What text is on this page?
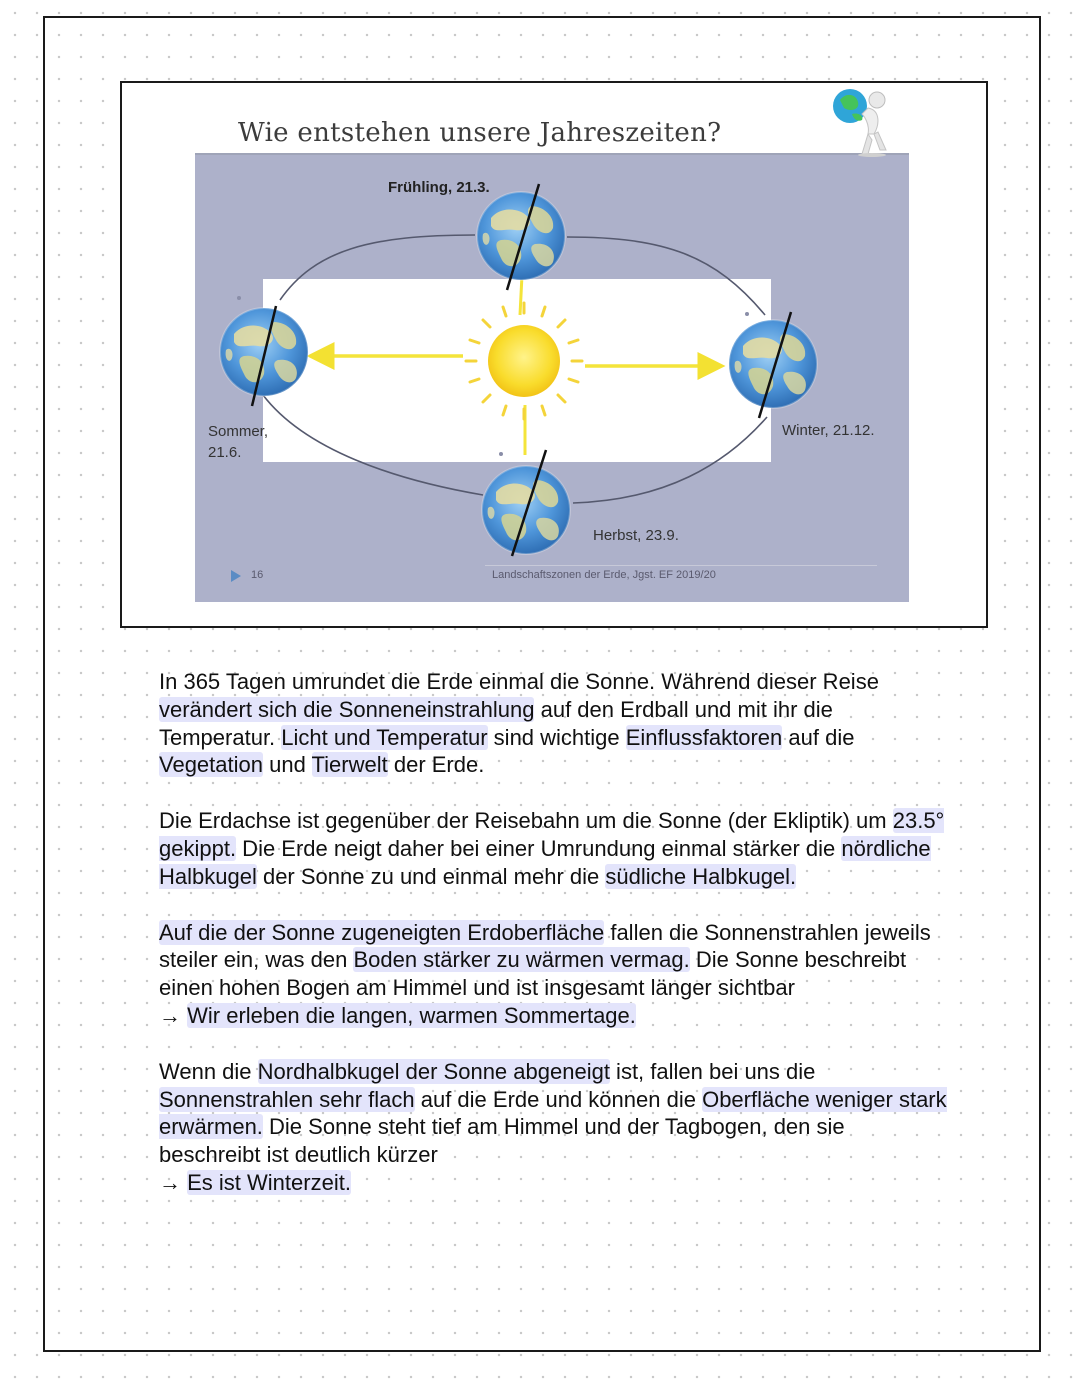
Wie entstehen unsere Jahreszeiten?
Frühling, 21.3.
Sommer,
21.6.
Winter, 21.12.
Herbst, 23.9.
16	Landschaftszonen der Erde, Jgst. EF 2019/20

In 365 Tagen umrundet die Erde einmal die Sonne. Während dieser Reise verändert sich die Sonneneinstrahlung auf den Erdball und mit ihr die Temperatur. Licht und Temperatur sind wichtige Einflussfaktoren auf die Vegetation und Tierwelt der Erde.

Die Erdachse ist gegenüber der Reisebahn um die Sonne (der Ekliptik) um 23.5° gekippt. Die Erde neigt daher bei einer Umrundung einmal stärker die nördliche Halbkugel der Sonne zu und einmal mehr die südliche Halbkugel.

Auf die der Sonne zugeneigten Erdoberfläche fallen die Sonnenstrahlen jeweils steiler ein, was den Boden stärker zu wärmen vermag. Die Sonne beschreibt einen hohen Bogen am Himmel und ist insgesamt länger sichtbar
→ Wir erleben die langen, warmen Sommertage.

Wenn die Nordhalbkugel der Sonne abgeneigt ist, fallen bei uns die Sonnenstrahlen sehr flach auf die Erde und können die Oberfläche weniger stark erwärmen. Die Sonne steht tief am Himmel und der Tagbogen, den sie beschreibt ist deutlich kürzer
→ Es ist Winterzeit.
